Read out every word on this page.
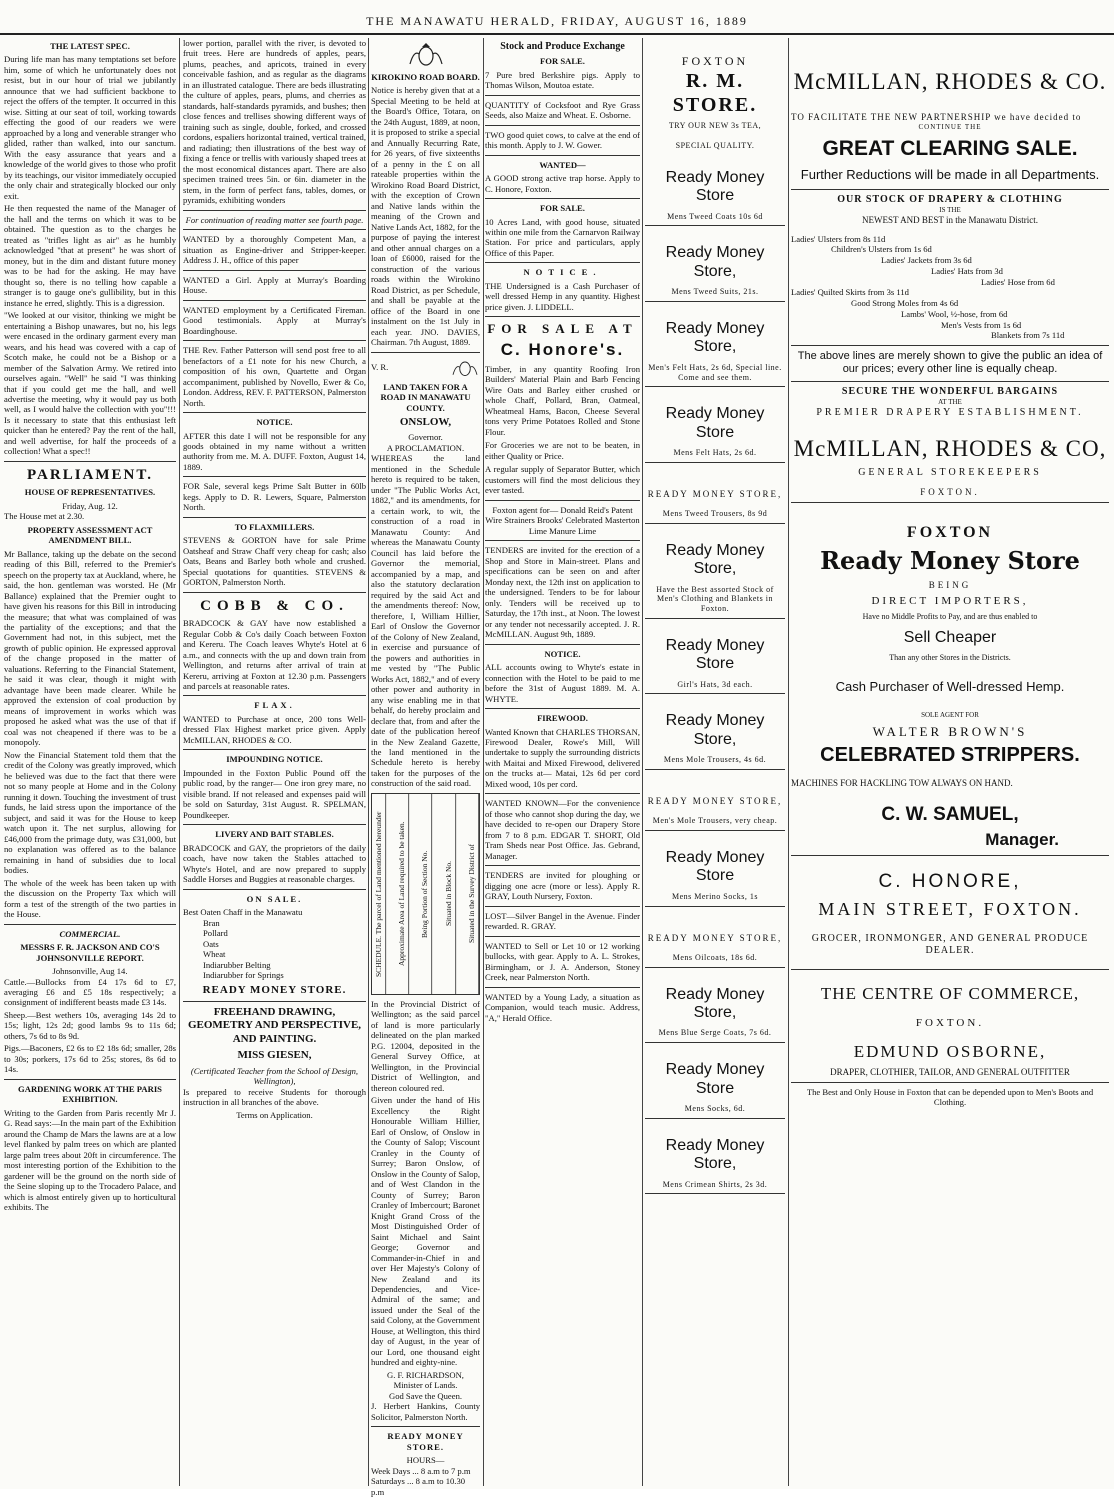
THE MANAWATU HERALD, FRIDAY, AUGUST 16, 1889
THE LATEST SPEC.

During life man has many temptations set before him, some of which he unfortunately does not resist, but in our hour of trial we jubilantly announce that we had sufficient backbone to reject the offers of the tempter. It occurred in this wise. Sitting at our seat of toil, working towards effecting the good of our readers we were approached by a long and venerable stranger who glided, rather than walked, into our sanctum. With the easy assurance that years and a knowledge of the world gives to those who profit by its teachings, our visitor immediately occupied the only chair and strategically blocked our only exit.

He then requested the name of the Manager of the hall and the terms on which it was to be obtained. The question as to the charges he treated as "trifles light as air" as he humbly acknowledged "that at present" he was short of money, but in the dim and distant future money was to be had for the asking. He may have thought so, there is no telling how capable a stranger is to gauge one's gullibility, but in this instance he erred, slightly. This is a digression.

"We looked at our visitor, thinking we might be entertaining a Bishop unawares, but no, his legs were encased in the ordinary garment every man wears, and his head was covered with a cap of Scotch make, he could not be a Bishop or a member of the Salvation Army. We retired into ourselves again. "Well" he said "I was thinking that if you could get me the hall, and well advertise the meeting, why it would pay us both well, as I would halve the collection with you"!!! Is it necessary to state that this enthusiast left quicker than he entered? Pay the rent of the hall, and well advertise, for half the proceeds of a collection! What a spec!!

PARLIAMENT.
HOUSE OF REPRESENTATIVES.
Friday, Aug. 12.
The House met at 2.30.
PROPERTY ASSESSMENT ACT AMENDMENT BILL.

Mr Ballance, taking up the debate on the second reading of this Bill, referred to the Premier's speech on the property tax at Auckland, where, he said, the hon. gentleman was worsted. He (Mr Ballance) explained that the Premier ought to have given his reasons for this Bill in introducing the measure; that what was complained of was the partiality of the exceptions; and that the Government had not, in this subject, met the growth of public opinion. He expressed approval of the change proposed in the matter of valuations. Referring to the Financial Statement, he said it was clear, though it might with advantage have been made clearer. While he approved the extension of coal production by means of improvement in works which was proposed he asked what was the use of that if coal was not cheapened if there was to be a monopoly.

Now the Financial Statement told them that the credit of the Colony was greatly improved, which he believed was due to the fact that there were not so many people at Home and in the Colony running it down. Touching the investment of trust funds, he laid stress upon the importance of the subject, and said it was for the House to keep watch upon it. The net surplus, allowing for £46,000 from the primage duty, was £31,000, but no explanation was offered as to the balance remaining in hand of subsidies due to local bodies.

The whole of the week has been taken up with the discussion on the Property Tax which will form a test of the strength of the two parties in the House.

COMMERCIAL.
MESSRS F. R. JACKSON AND CO'S JOHNSONVILLE REPORT.
Johnsonville, Aug 14.

Cattle.—Bullocks from £4 17s 6d to £7, averaging £6 and £5 18s respectively; a consignment of indifferent beasts made £3 14s.

Sheep.—Best wethers 10s, averaging 14s 2d to 15s; light, 12s 2d; good lambs 9s to 11s 6d; others, 7s 6d to 8s 9d.

Pigs.—Baconers, £2 6s to £2 18s 6d; smaller, 28s to 30s; porkers, 17s 6d to 25s; stores, 8s 6d to 14s.

GARDENING WORK AT THE PARIS EXHIBITION.

Writing to the Garden from Paris recently Mr J. G. Read says:—In the main part of the Exhibition around the Champ de Mars the lawns are at a low level flanked by palm trees on which are planted large palm trees about 20ft in circumference. The most interesting portion of the Exhibition to the gardener will be the ground on the north side of the Seine sloping up to the Trocadero Palace, and which is almost entirely given up to horticultural exhibits. The

lower portion, parallel with the river, is devoted to fruit trees. Here are hundreds of apples, pears, plums, peaches, and apricots, trained in every conceivable fashion, and as regular as the diagrams in an illustrated catalogue. There are beds illustrating the culture of apples, pears, plums, and cherries as standards, half-standards pyramids, and bushes; then close fences and trellises showing different ways of training such as single, double, forked, and crossed cordons, espaliers horizontal trained, vertical trained, and radiating; then illustrations of the best way of fixing a fence or trellis with variously shaped trees at the most economical distances apart. There are also specimen trained trees 5in. or 6in. diameter in the stem, in the form of perfect fans, tables, domes, or pyramids, exhibiting wonders

For continuation of reading matter see fourth page.

WANTED by a thoroughly Competent Man, a situation as Engine-driver and Stripper-keeper. Address J. H., office of this paper

WANTED a Girl. Apply at Murray's Boarding House.

WANTED employment by a Certificated Fireman. Good testimonials. Apply at Murray's Boardinghouse.

THE Rev. Father Patterson will send post free to all benefactors of a £1 note for his new Church, a composition of his own, Quartette and Organ accompaniment, published by Novello, Ewer & Co, London. Address, REV. F. PATTERSON, Palmerston North.

NOTICE.

AFTER this date I will not be responsible for any goods obtained in my name without a written authority from me. M. A. DUFF. Foxton, August 14, 1889.

FOR Sale, several kegs Prime Salt Butter in 60lb kegs. Apply to D. R. Lewers, Square, Palmerston North.

TO FLAXMILLERS.

STEVENS & GORTON have for sale Prime Oatsheaf and Straw Chaff very cheap for cash; also Oats, Beans and Barley both whole and crushed. Special quotations for quantities. STEVENS & GORTON, Palmerston North.

COBB & CO.

BRADCOCK & GAY have now established a Regular Cobb & Co's daily Coach between Foxton and Kereru. The Coach leaves Whyte's Hotel at 6 a.m., and connects with the up and down train from Wellington, and returns after arrival of train at Kereru, arriving at Foxton at 12.30 p.m. Passengers and parcels at reasonable rates.

FLAX.

WANTED to Purchase at once, 200 tons Well-dressed Flax Highest market price given. Apply McMILLAN, RHODES & CO.

IMPOUNDING NOTICE.

Impounded in the Foxton Public Pound off the public road, by the ranger— One iron grey mare, no visible brand. If not released and expenses paid will be sold on Saturday, 31st August. R. SPELMAN, Poundkeeper.

LIVERY AND BAIT STABLES.

BRADCOCK and GAY, the proprietors of the daily coach, have now taken the Stables attached to Whyte's Hotel, and are now prepared to supply Saddle Horses and Buggies at reasonable charges.

ON SALE.
Best Oaten Chaff in the Manawatu
Bran
Pollard
Oats
Wheat
Indiarubber Belting
Indiarubber for Springs
READY MONEY STORE.
FREEHAND DRAWING, GEOMETRY AND PERSPECTIVE, AND PAINTING.
MISS GIESEN,
(Certificated Teacher from the School of Design, Wellington),

Is prepared to receive Students for thorough instruction in all branches of the above.

Terms on Application.
KIROKINO ROAD BOARD.

Notice is hereby given that at a Special Meeting to be held at the Board's Office, Totara, on the 24th August, 1889, at noon, it is proposed to strike a special and Annually Recurring Rate, for 26 years, of five sixteenths of a penny in the £ on all rateable properties within the Wirokino Road Board District, with the exception of Crown and Native lands within the meaning of the Crown and Native Lands Act, 1882, for the purpose of paying the interest and other annual charges on a loan of £6000, raised for the construction of the various roads within the Wirokino Road District, as per Schedule, and shall be payable at the office of the Board in one instalment on the 1st July in each year. JNO. DAVIES, Chairman. 7th August, 1889.

V. R.
LAND TAKEN FOR A ROAD IN MANAWATU COUNTY.
ONSLOW,
Governor.
A PROCLAMATION.

WHEREAS the land mentioned in the Schedule hereto is required to be taken, under "The Public Works Act, 1882," and its amendments, for a certain work, to wit, the construction of a road in Manawatu County: And whereas the Manawatu County Council has laid before the Governor the memorial, accompanied by a map, and also the statutory declaration required by the said Act and the amendments thereof: Now, therefore, I, William Hillier, Earl of Onslow the Governor of the Colony of New Zealand, in exercise and pursuance of the powers and authorities in me vested by "The Public Works Act, 1882," and of every other power and authority in any wise enabling me in that behalf, do hereby proclaim and declare that, from and after the date of the publication hereof in the New Zealand Gazette, the land mentioned in the Schedule hereto is hereby taken for the purposes of the construction of the said road.

SCHEDULE. The parcel of Land mentioned hereunder	Approximate Area of Land required to be taken.	Being Portion of Section No.	Situated in Block No.	Situated in the Survey District of

In the Provincial District of Wellington; as the said parcel of land is more particularly delineated on the plan marked P.G. 12004, deposited in the General Survey Office, at Wellington, in the Provincial District of Wellington, and thereon coloured red.

Given under the hand of His Excellency the Right Honourable William Hillier, Earl of Onslow, of Onslow in the County of Salop; Viscount Cranley in the County of Surrey; Baron Onslow, of Onslow in the County of Salop, and of West Clandon in the County of Surrey; Baron Cranley of Imbercourt; Baronet Knight Grand Cross of the Most Distinguished Order of Saint Michael and Saint George; Governor and Commander-in-Chief in and over Her Majesty's Colony of New Zealand and its Dependencies, and Vice-Admiral of the same; and issued under the Seal of the said Colony, at the Government House, at Wellington, this third day of August, in the year of our Lord, one thousand eight hundred and eighty-nine.

G. F. RICHARDSON,
Minister of Lands.
God Save the Queen.

J. Herbert Hankins, County Solicitor, Palmerston North.

READY MONEY STORE.
HOURS—
Week Days ... 8 a.m to 7 p.m
Saturdays ... 8 a.m to 10.30 p.m
Stock and Produce Exchange
FOR SALE.

7 Pure bred Berkshire pigs. Apply to Thomas Wilson, Moutoa estate.

QUANTITY of Cocksfoot and Rye Grass Seeds, also Maize and Wheat. E. Osborne.

TWO good quiet cows, to calve at the end of this month. Apply to J. W. Gower.

WANTED—

A GOOD strong active trap horse. Apply to C. Honore, Foxton.

FOR SALE.

10 Acres Land, with good house, situated within one mile from the Carnarvon Railway Station. For price and particulars, apply Office of this Paper.

NOTICE.

THE Undersigned is a Cash Purchaser of well dressed Hemp in any quantity. Highest price given. J. LIDDELL.

FOR SALE AT
C. Honore's.

Timber, in any quantity Roofing Iron Builders' Material Plain and Barb Fencing Wire Oats and Barley either crushed or whole Chaff, Pollard, Bran, Oatmeal, Wheatmeal Hams, Bacon, Cheese Several tons very Prime Potatoes Rolled and Stone Flour.

For Groceries we are not to be beaten, in either Quality or Price.

A regular supply of Separator Butter, which customers will find the most delicious they ever tasted.

Foxton agent for— Donald Reid's Patent Wire Strainers Brooks' Celebrated Masterton Lime Manure Lime

TENDERS are invited for the erection of a Shop and Store in Main-street. Plans and specifications can be seen on and after Monday next, the 12th inst on application to the undersigned. Tenders to be for labour only. Tenders will be received up to Saturday, the 17th inst., at Noon. The lowest or any tender not necessarily accepted. J. R. McMILLAN. August 9th, 1889.

NOTICE.

ALL accounts owing to Whyte's estate in connection with the Hotel to be paid to me before the 31st of August 1889. M. A. WHYTE.

FIREWOOD.

Wanted Known that CHARLES THORSAN, Firewood Dealer, Rowe's Mill, Will undertake to supply the surrounding districts with Maitai and Mixed Firewood, delivered on the trucks at— Matai, 12s 6d per cord Mixed wood, 10s per cord.

WANTED KNOWN—For the convenience of those who cannot shop during the day, we have decided to re-open our Drapery Store from 7 to 8 p.m. EDGAR T. SHORT, Old Tram Sheds near Post Office. Jas. Gebrand, Manager.

TENDERS are invited for ploughing or digging one acre (more or less). Apply R. GRAY, Louth Nursery, Foxton.

LOST—Silver Bangel in the Avenue. Finder rewarded. R. GRAY.

WANTED to Sell or Let 10 or 12 working bullocks, with gear. Apply to A. L. Strokes, Birmingham, or J. A. Anderson, Stoney Creek, near Palmerston North.

WANTED by a Young Lady, a situation as Companion, would teach music. Address, "A," Herald Office.

FOXTON
R. M. STORE.
TRY OUR NEW 3s TEA,
SPECIAL QUALITY.
Ready Money Store
Mens Tweed Coats 10s 6d
Ready Money Store,
Mens Tweed Suits, 21s.
Ready Money Store,
Men's Felt Hats, 2s 6d, Special line. Come and see them.
Ready Money Store
Mens Felt Hats, 2s 6d.
READY MONEY STORE,
Mens Tweed Trousers, 8s 9d
Ready Money Store,
Have the Best assorted Stock of Men's Clothing and Blankets in Foxton.
Ready Money Store
Girl's Hats, 3d each.
Ready Money Store,
Mens Mole Trousers, 4s 6d.
READY MONEY STORE,
Men's Mole Trousers, very cheap.
Ready Money Store
Mens Merino Socks, 1s
READY MONEY STORE,
Mens Oilcoats, 18s 6d.
Ready Money Store,
Mens Blue Serge Coats, 7s 6d.
Ready Money Store
Mens Socks, 6d.
Ready Money Store,
Mens Crimean Shirts, 2s 3d.
McMILLAN, RHODES & CO.
TO FACILITATE THE NEW PARTNERSHIP we have decided to
CONTINUE THE
GREAT CLEARING SALE.
Further Reductions will be made in all Departments.
OUR STOCK OF DRAPERY & CLOTHING
IS THE
NEWEST AND BEST in the Manawatu District.
Ladies' Ulsters from 8s 11d
Children's Ulsters from 1s 6d
Ladies' Jackets from 3s 6d
Ladies' Hats from 3d
Ladies' Hose from 6d
Ladies' Quilted Skirts from 3s 11d
Good Strong Moles from 4s 6d
Lambs' Wool, ½-hose, from 6d
Men's Vests from 1s 6d
Blankets from 7s 11d
The above lines are merely shown to give the public an idea of our prices; every other line is equally cheap.
SECURE THE WONDERFUL BARGAINS
AT THE
PREMIER DRAPERY ESTABLISHMENT.
McMILLAN, RHODES & CO,
GENERAL STOREKEEPERS
FOXTON.
FOXTON
Ready Money Store
BEING
DIRECT IMPORTERS,
Have no Middle Profits to Pay, and are thus enabled to
Sell Cheaper
Than any other Stores in the Districts.
Cash Purchaser of Well-dressed Hemp.
SOLE AGENT FOR
WALTER BROWN'S
CELEBRATED STRIPPERS.
MACHINES FOR HACKLING TOW ALWAYS ON HAND.
C. W. SAMUEL,
Manager.
C. HONORE,
MAIN STREET, FOXTON.
GROCER, IRONMONGER, AND GENERAL PRODUCE DEALER.
THE CENTRE OF COMMERCE,
FOXTON.
EDMUND OSBORNE,
DRAPER, CLOTHIER, TAILOR, AND GENERAL OUTFITTER
The Best and Only House in Foxton that can be depended upon to Men's Boots and Clothing.
